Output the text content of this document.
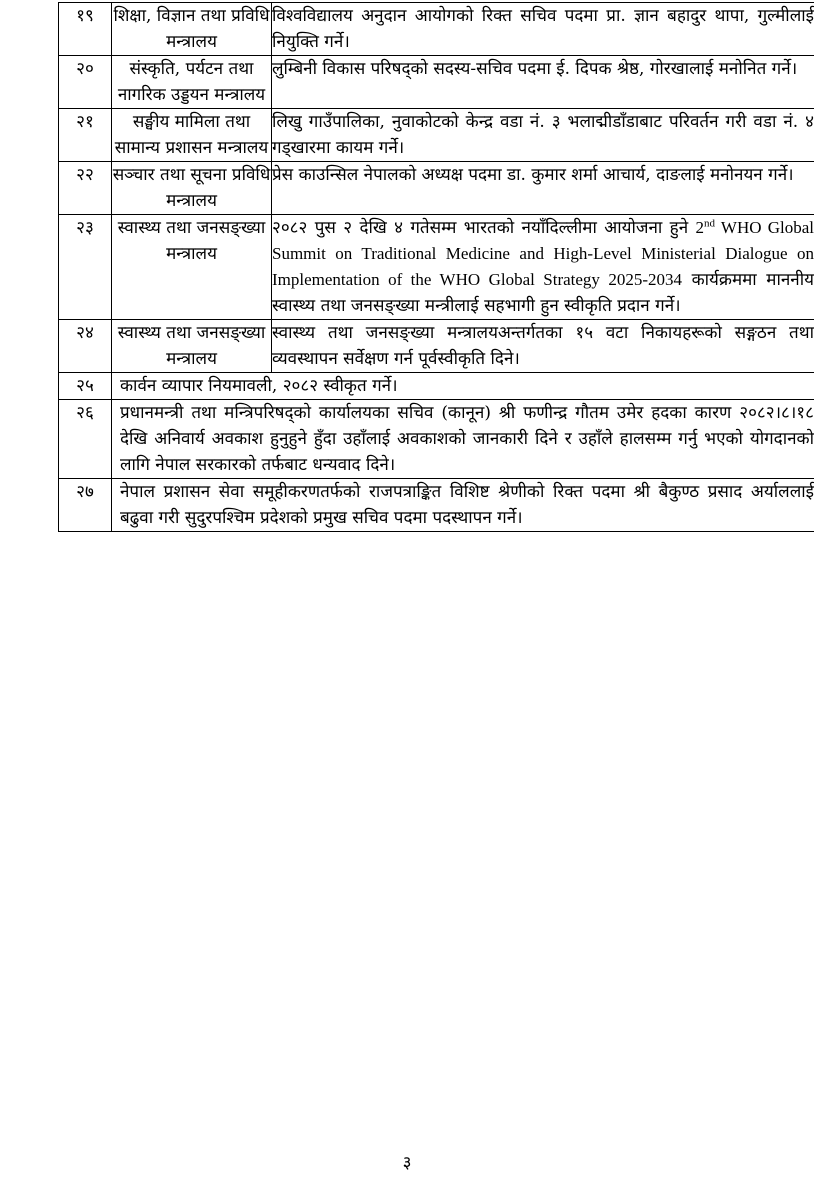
१९	शिक्षा, विज्ञान तथा प्रविधि मन्त्रालय	विश्वविद्यालय अनुदान आयोगको रिक्त सचिव पदमा प्रा. ज्ञान बहादुर थापा, गुल्मीलाई नियुक्ति गर्ने।
२०	संस्कृति, पर्यटन तथा नागरिक उड्डयन मन्त्रालय	लुम्बिनी विकास परिषद्को सदस्य-सचिव पदमा ई. दिपक श्रेष्ठ, गोरखालाई मनोनित गर्ने।
२१	सङ्घीय मामिला तथा सामान्य प्रशासन मन्त्रालय	लिखु गाउँपालिका, नुवाकोटको केन्द्र वडा नं. ३ भलाद्मीडाँडाबाट परिवर्तन गरी वडा नं. ४ गड्खारमा कायम गर्ने।
२२	सञ्चार तथा सूचना प्रविधि मन्त्रालय	प्रेस काउन्सिल नेपालको अध्यक्ष पदमा डा. कुमार शर्मा आचार्य, दाङलाई मनोनयन गर्ने।
२३	स्वास्थ्य तथा जनसङ्ख्या मन्त्रालय	२०८२ पुस २ देखि ४ गतेसम्म भारतको नयाँदिल्लीमा आयोजना हुने 2nd WHO Global Summit on Traditional Medicine and High-Level Ministerial Dialogue on Implementation of the WHO Global Strategy 2025-2034 कार्यक्रममा माननीय स्वास्थ्य तथा जनसङ्ख्या मन्त्रीलाई सहभागी हुन स्वीकृति प्रदान गर्ने।
२४	स्वास्थ्य तथा जनसङ्ख्या मन्त्रालय	स्वास्थ्य तथा जनसङ्ख्या मन्त्रालयअन्तर्गतका १५ वटा निकायहरूको सङ्गठन तथा व्यवस्थापन सर्वेक्षण गर्न पूर्वस्वीकृति दिने।
२५	कार्वन व्यापार नियमावली, २०८२ स्वीकृत गर्ने।	
२६	प्रधानमन्त्री तथा मन्त्रिपरिषद्को कार्यालयका सचिव (कानून) श्री फणीन्द्र गौतम उमेर हदका कारण २०८२।८।१८ देखि अनिवार्य अवकाश हुनुहुने हुँदा उहाँलाई अवकाशको जानकारी दिने र उहाँले हालसम्म गर्नु भएको योगदानको लागि नेपाल सरकारको तर्फबाट धन्यवाद दिने।	
२७	नेपाल प्रशासन सेवा समूहीकरणतर्फको राजपत्राङ्कित विशिष्ट श्रेणीको रिक्त पदमा श्री बैकुण्ठ प्रसाद अर्याललाई बढुवा गरी सुदुरपश्चिम प्रदेशको प्रमुख सचिव पदमा पदस्थापन गर्ने।	
३
